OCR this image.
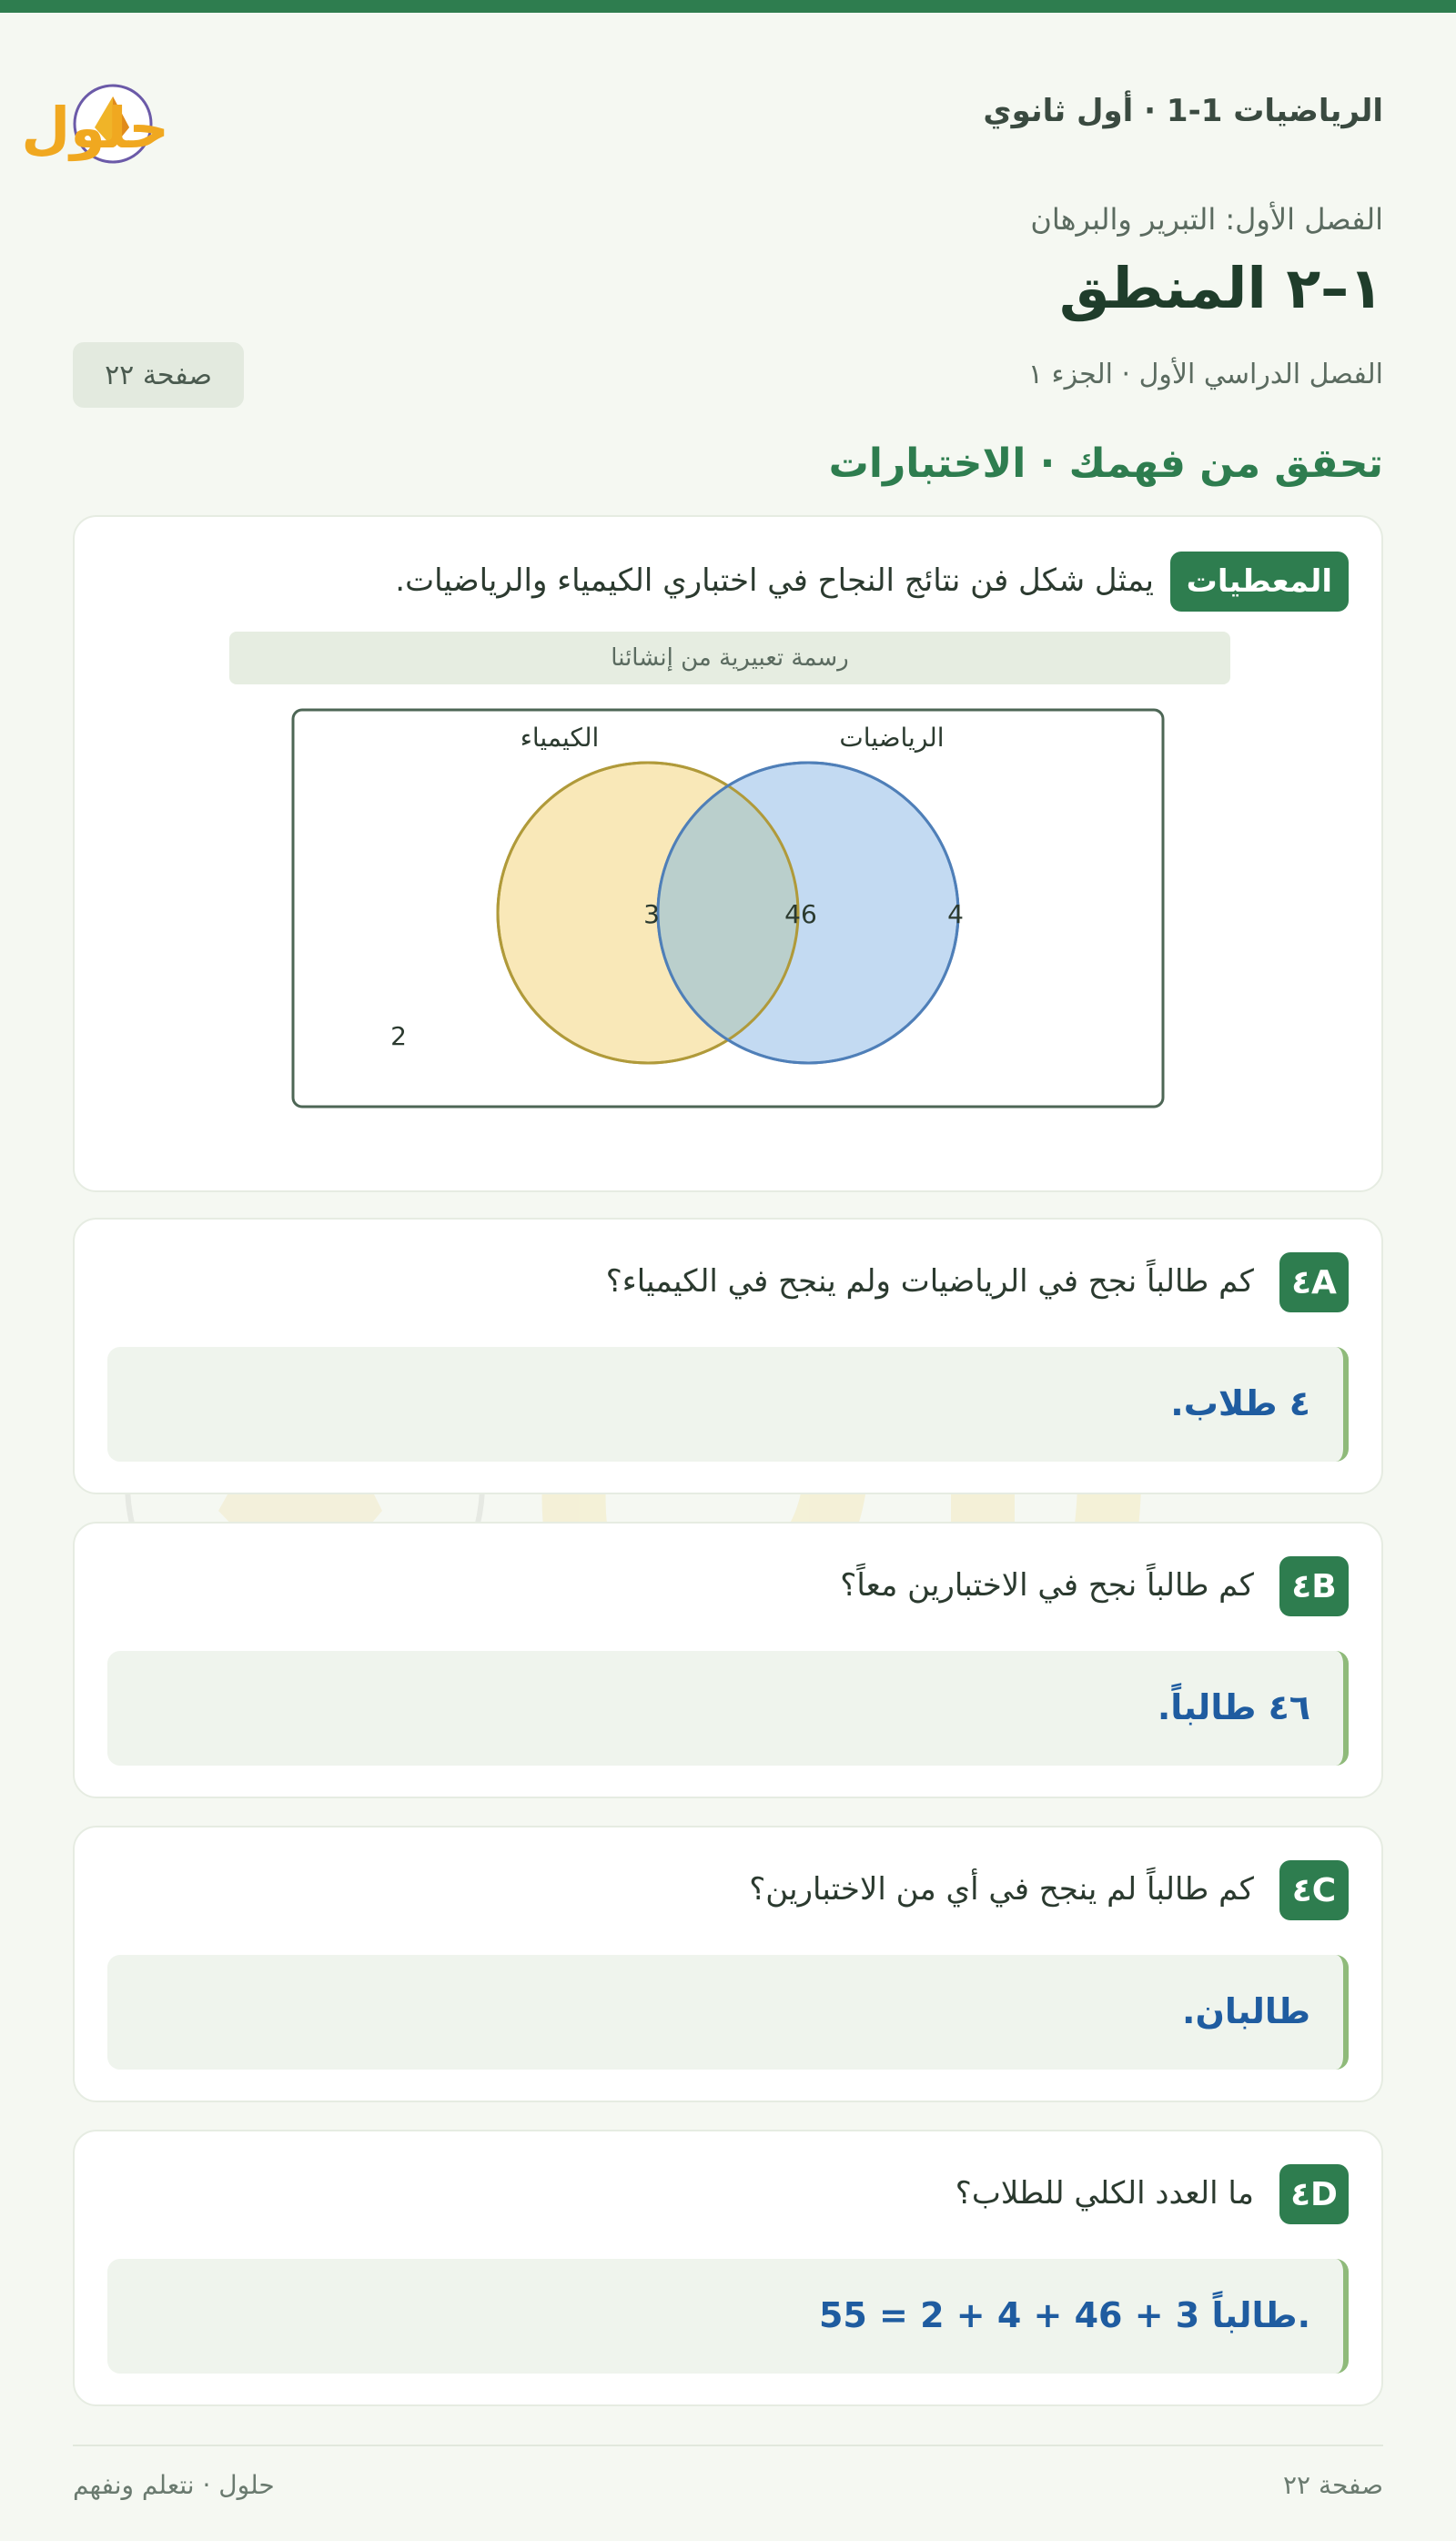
الرياضيات 1-1 · أول ثانوي
حلول
الفصل الأول: التبرير والبرهان
١–٢ المنطق
الفصل الدراسي الأول · الجزء ١
صفحة ٢٢
تحقق من فهمك · الاختبارات
المعطيات
يمثل شكل فن نتائج النجاح في اختباري الكيمياء والرياضيات.
رسمة تعبيرية من إنشائنا
الكيمياء	الرياضيات
3	46	4
2
٤A
كم طالباً نجح في الرياضيات ولم ينجح في الكيمياء؟
٤ طلاب.
٤B
كم طالباً نجح في الاختبارين معاً؟
٤٦ طالباً.
٤C
كم طالباً لم ينجح في أي من الاختبارين؟
طالبان.
٤D
ما العدد الكلي للطلاب؟
55 = 2 + 4 + 46 + 3 طالباً.
صفحة ٢٢
حلول · نتعلم ونفهم
